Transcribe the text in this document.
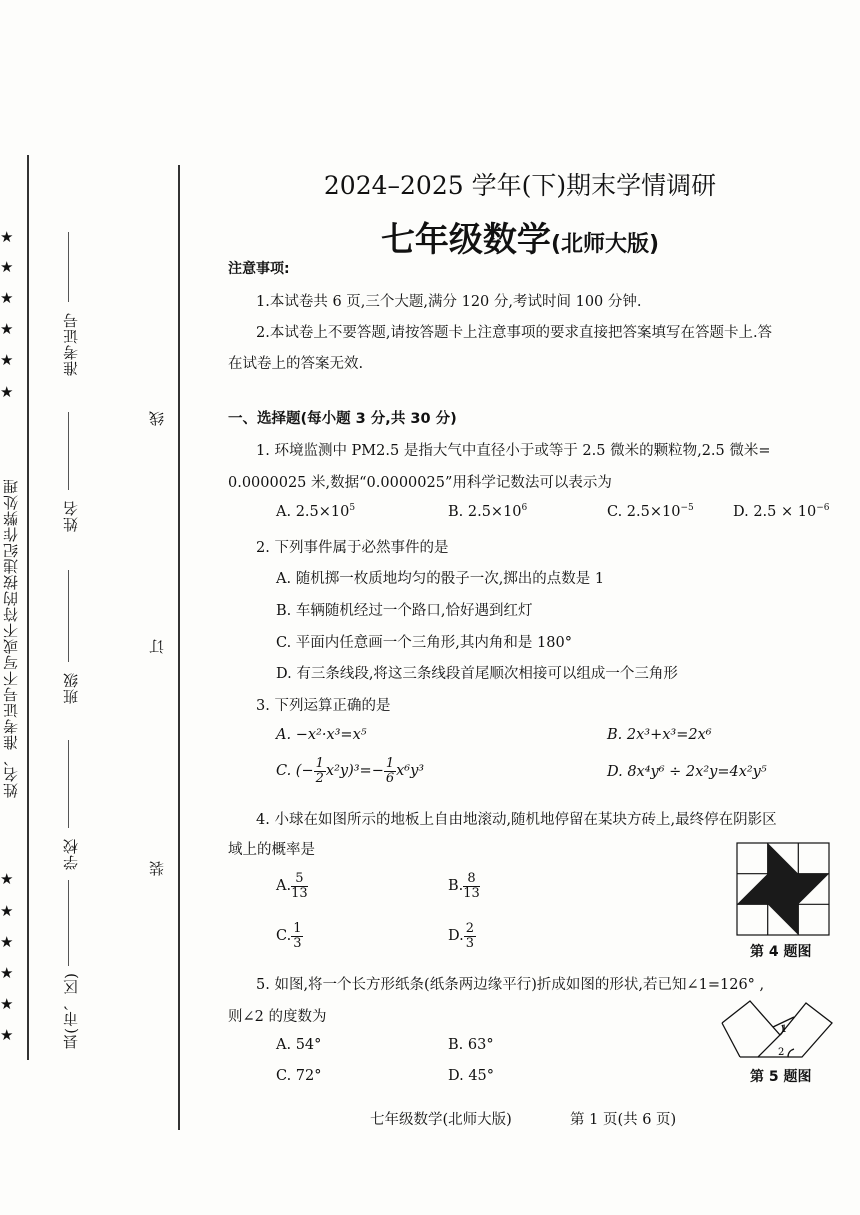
★
★
★
★
★
★
★
★
★
★
★
★
姓名、准考证号不写或不符的按违纪作弊处理
准考证号
姓名
班级
学校
县(市、区)
线
订
装
2024–2025 学年(下)期末学情调研
七年级数学(北师大版)
注意事项:
1.本试卷共 6 页,三个大题,满分 120 分,考试时间 100 分钟.
2.本试卷上不要答题,请按答题卡上注意事项的要求直接把答案填写在答题卡上.答
在试卷上的答案无效.
一、选择题(每小题 3 分,共 30 分)
1. 环境监测中 PM2.5 是指大气中直径小于或等于 2.5 微米的颗粒物,2.5 微米=
0.0000025 米,数据“0.0000025”用科学记数法可以表示为
A. $2.5\times 10^5$	B. $2.5\times 10^6$	C. $2.5\times 10^{-5}$	D. $2.5 \times 10^{-6}$
2. 下列事件属于必然事件的是
A. 随机掷一枚质地均匀的骰子一次,掷出的点数是 1
B. 车辆随机经过一个路口,恰好遇到红灯
C. 平面内任意画一个三角形,其内角和是 180°
D. 有三条线段,将这三条线段首尾顺次相接可以组成一个三角形
3. 下列运算正确的是
A. −x²·x³=x⁵	B. 2x³+x³=2x⁶
C. (− $\frac{1}{2} x^2y)^3=- \frac{1}{6} x^6y^3$	D. 8x⁴y⁶ ÷ 2x²y=4x²y⁵
4. 小球在如图所示的地板上自由地滚动,随机地停留在某块方砖上,最终停在阴影区
域上的概率是
A. $\frac{5}{13}$	B. $\frac{8}{13}$
C. $\frac{1}{3}$	D. $\frac{2}{3}$
第 4 题图
5. 如图,将一个长方形纸条(纸条两边缘平行)折成如图的形状,若已知∠1=126° ,
则∠2 的度数为
A. 54°	B. 63°
C. 72°	D. 45°
1
2
第 5 题图
七年级数学(北师大版)	第 1 页(共 6 页)
